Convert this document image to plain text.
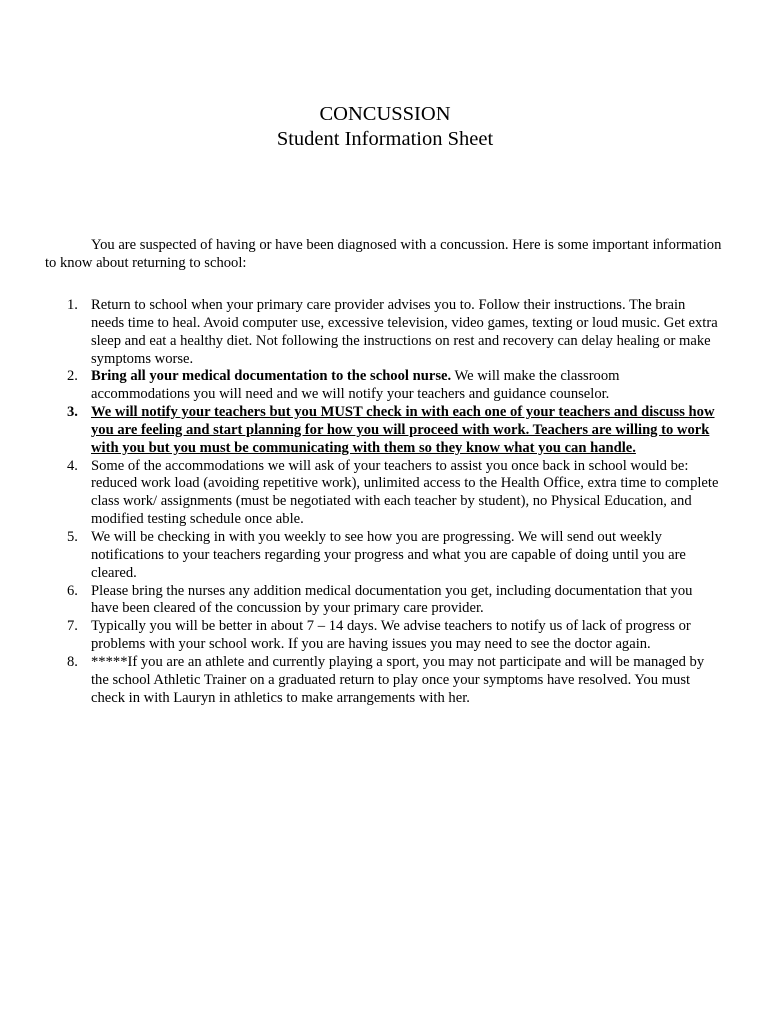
CONCUSSION
Student Information Sheet

You are suspected of having or have been diagnosed with a concussion. Here is some important information to know about returning to school:

1. Return to school when your primary care provider advises you to. Follow their instructions. The brain needs time to heal. Avoid computer use, excessive television, video games, texting or loud music. Get extra sleep and eat a healthy diet. Not following the instructions on rest and recovery can delay healing or make symptoms worse.
2. Bring all your medical documentation to the school nurse. We will make the classroom accommodations you will need and we will notify your teachers and guidance counselor.
3. We will notify your teachers but you MUST check in with each one of your teachers and discuss how you are feeling and start planning for how you will proceed with work. Teachers are willing to work with you but you must be communicating with them so they know what you can handle.
4. Some of the accommodations we will ask of your teachers to assist you once back in school would be: reduced work load (avoiding repetitive work), unlimited access to the Health Office, extra time to complete class work/ assignments (must be negotiated with each teacher by student), no Physical Education, and modified testing schedule once able.
5. We will be checking in with you weekly to see how you are progressing. We will send out weekly notifications to your teachers regarding your progress and what you are capable of doing until you are cleared.
6. Please bring the nurses any addition medical documentation you get, including documentation that you have been cleared of the concussion by your primary care provider.
7. Typically you will be better in about 7 – 14 days. We advise teachers to notify us of lack of progress or problems with your school work. If you are having issues you may need to see the doctor again.
8. *****If you are an athlete and currently playing a sport, you may not participate and will be managed by the school Athletic Trainer on a graduated return to play once your symptoms have resolved. You must check in with Lauryn in athletics to make arrangements with her.
